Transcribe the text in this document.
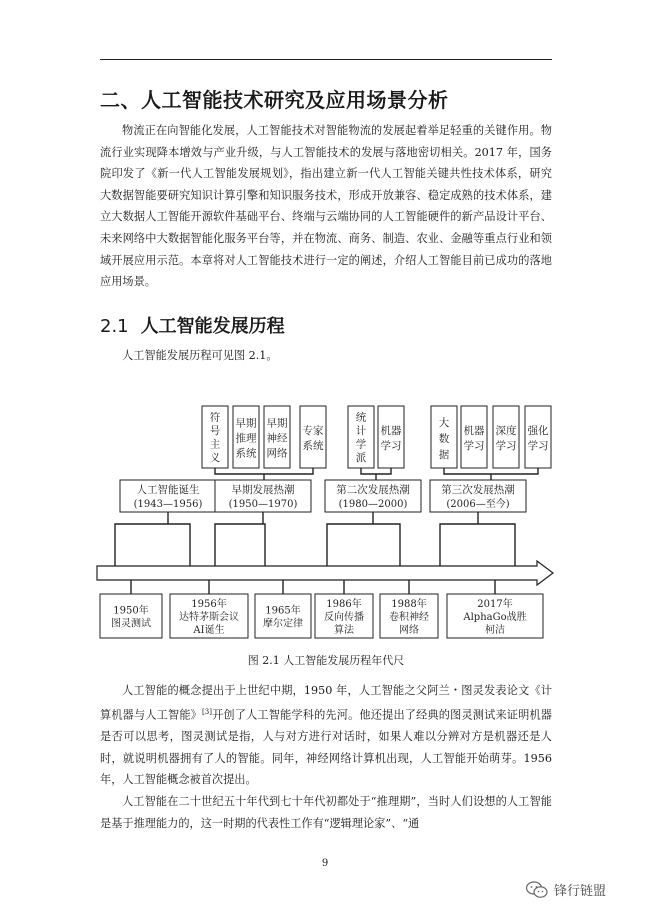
二、人工智能技术研究及应用场景分析

物流正在向智能化发展，人工智能技术对智能物流的发展起着举足轻重的关键作用。物流行业实现降本增效与产业升级，与人工智能技术的发展与落地密切相关。2017 年，国务院印发了《新一代人工智能发展规划》，指出建立新一代人工智能关键共性技术体系，研究大数据智能要研究知识计算引擎和知识服务技术，形成开放兼容、稳定成熟的技术体系，建立大数据人工智能开源软件基础平台、终端与云端协同的人工智能硬件的新产品设计平台、未来网络中大数据智能化服务平台等，并在物流、商务、制造、农业、金融等重点行业和领域开展应用示范。本章将对人工智能技术进行一定的阐述，介绍人工智能目前已成功的落地应用场景。

2.1 人工智能发展历程

人工智能发展历程可见图 2.1。

符号主义
早期推理系统
早期神经网络
专家系统
统计学派
机器学习
大数据
机器学习
深度学习
强化学习
人工智能诞生
(1943—1956)
早期发展热潮
(1950—1970)
第二次发展热潮
(1980—2000)
第三次发展热潮
(2006—至今)
1950年
图灵测试
1956年
达特茅斯会议
AI诞生
1965年
摩尔定律
1986年
反向传播
算法
1988年
卷积神经
网络
2017年
AlphaGo战胜
柯洁
图 2.1 人工智能发展历程年代尺

人工智能的概念提出于上世纪中期，1950 年，人工智能之父阿兰・图灵发表论文《计算机器与人工智能》[3]开创了人工智能学科的先河。他还提出了经典的图灵测试来证明机器是否可以思考，图灵测试是指，人与对方进行对话时，如果人难以分辨对方是机器还是人时，就说明机器拥有了人的智能。同年，神经网络计算机出现，人工智能开始萌芽。1956 年，人工智能概念被首次提出。

人工智能在二十世纪五十年代到七十年代初都处于“推理期”，当时人们设想的人工智能是基于推理能力的，这一时期的代表性工作有“逻辑理论家”、“通

9
锋行链盟
